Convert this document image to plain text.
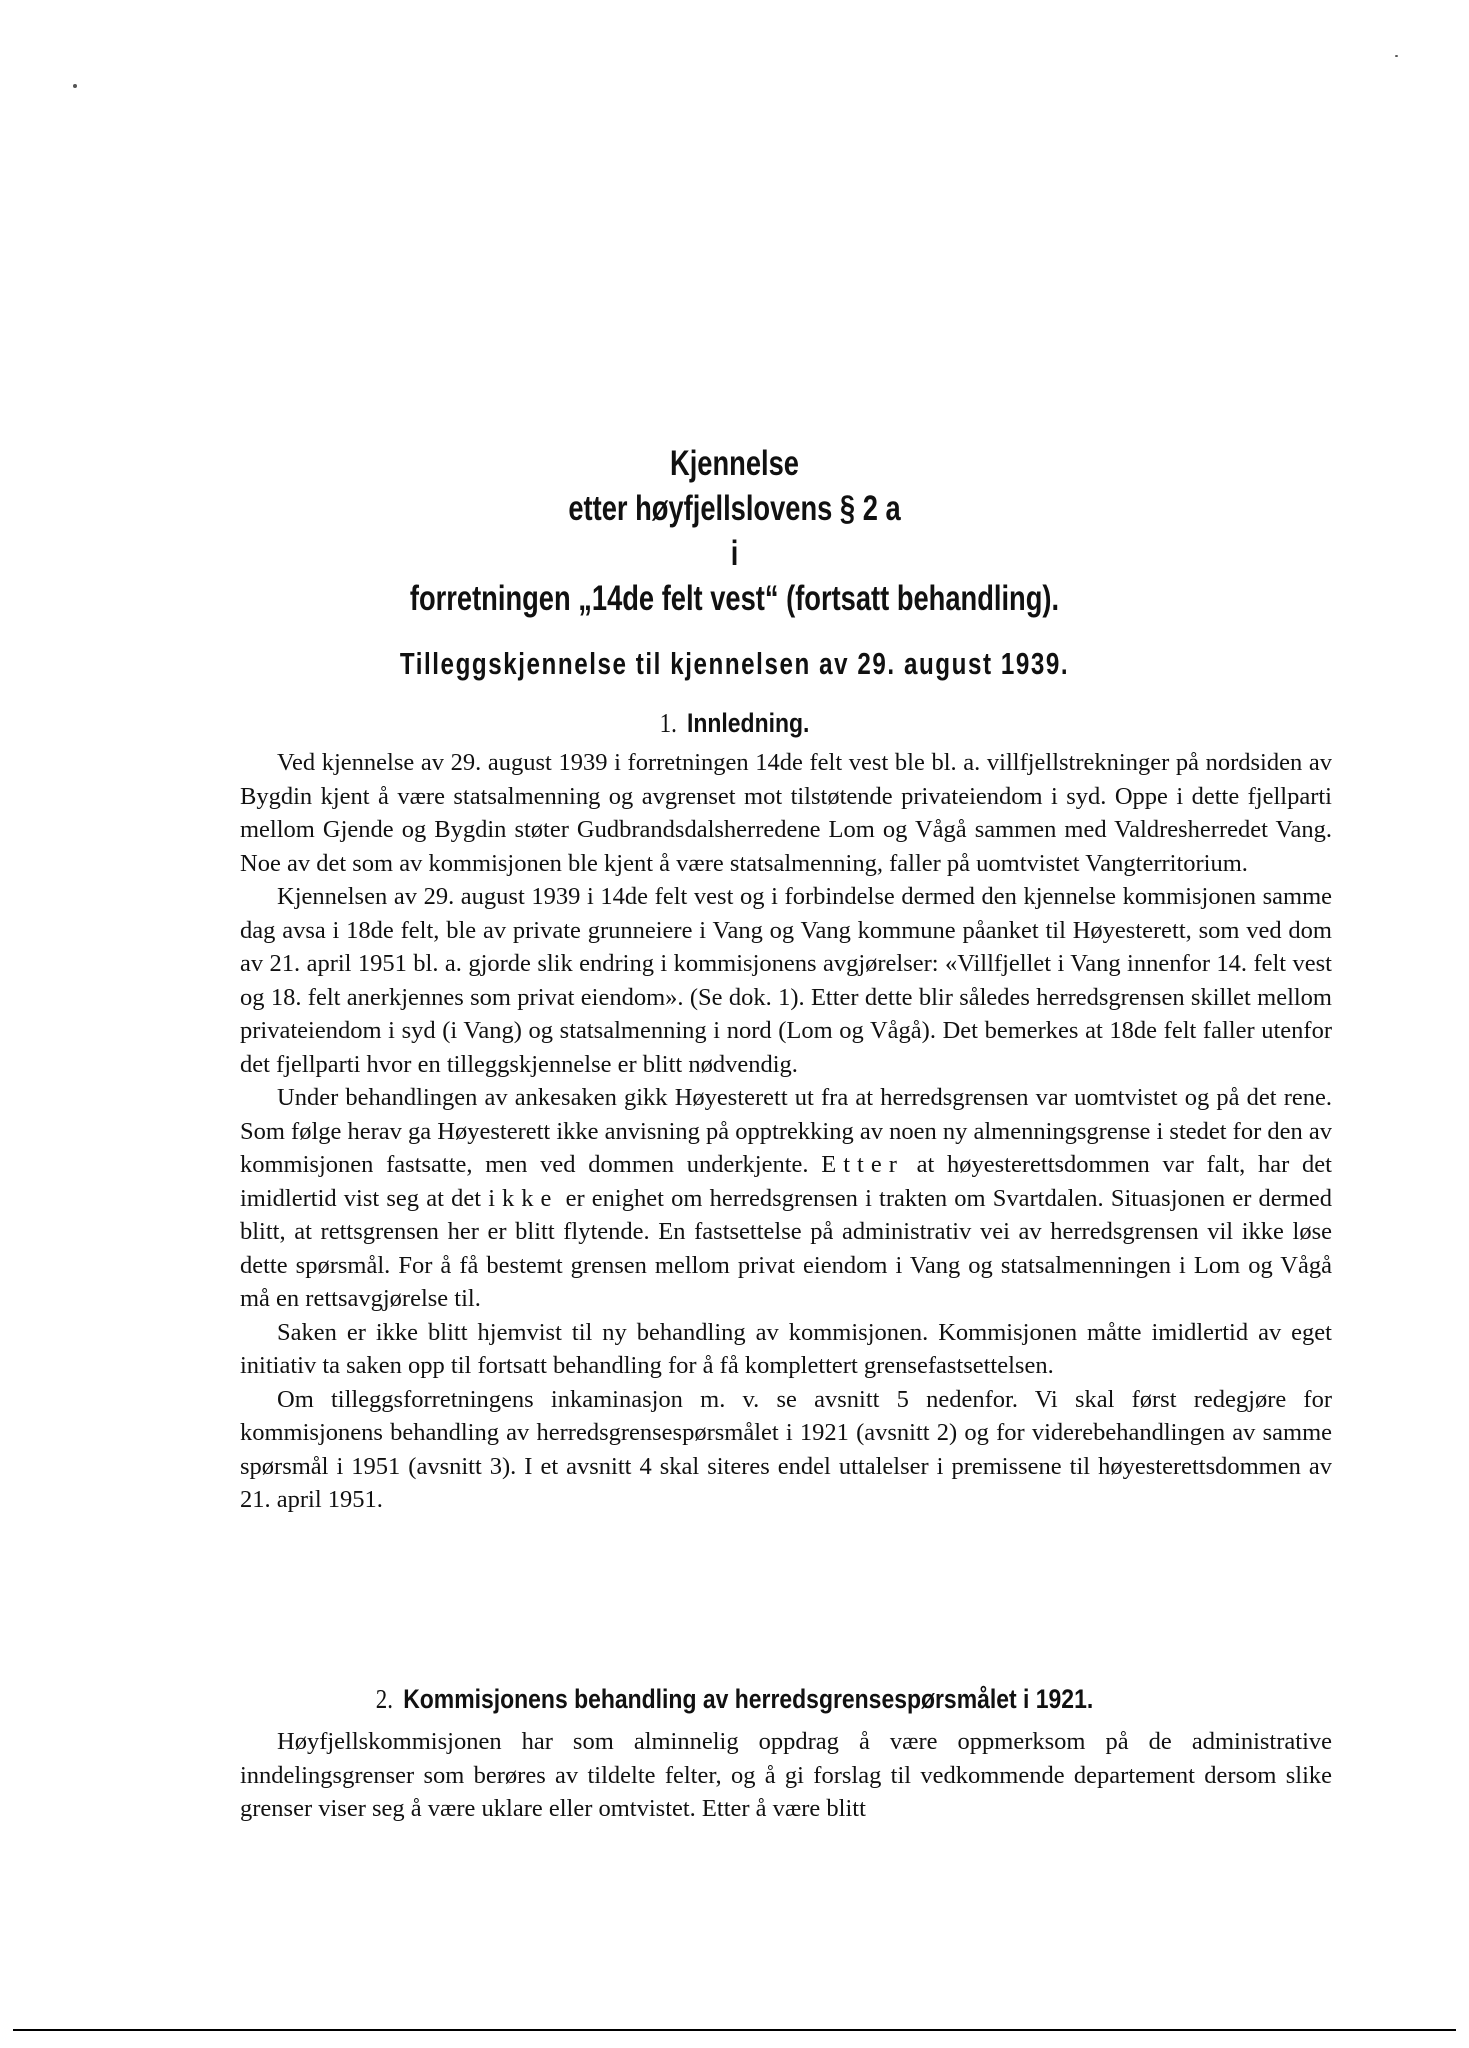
Kjennelse
etter høyfjellslovens § 2 a
i
forretningen „14de felt vest“ (fortsatt behandling).
Tilleggskjennelse til kjennelsen av 29. august 1939.
1. Innledning.

Ved kjennelse av 29. august 1939 i forretningen 14de felt vest ble bl. a. villfjellstrekninger på nordsiden av Bygdin kjent å være statsalmenning og avgrenset mot tilstøtende privateiendom i syd. Oppe i dette fjellparti mellom Gjende og Bygdin støter Gudbrandsdalsherredene Lom og Vågå sammen med Valdresherredet Vang. Noe av det som av kommisjonen ble kjent å være statsalmenning, faller på uomtvistet Vangterritorium.

Kjennelsen av 29. august 1939 i 14de felt vest og i forbindelse dermed den kjennelse kommisjonen samme dag avsa i 18de felt, ble av private grunneiere i Vang og Vang kommune påanket til Høyesterett, som ved dom av 21. april 1951 bl. a. gjorde slik endring i kommisjonens avgjørelser: «Villfjellet i Vang innenfor 14. felt vest og 18. felt anerkjennes som privat eiendom». (Se dok. 1). Etter dette blir således herredsgrensen skillet mellom privateiendom i syd (i Vang) og statsalmenning i nord (Lom og Vågå). Det bemerkes at 18de felt faller utenfor det fjellparti hvor en tilleggskjennelse er blitt nødvendig.

Under behandlingen av ankesaken gikk Høyesterett ut fra at herredsgrensen var uomtvistet og på det rene. Som følge herav ga Høyesterett ikke anvisning på opptrekking av noen ny almenningsgrense i stedet for den av kommisjonen fastsatte, men ved dommen underkjente. Etter at høyesterettsdommen var falt, har det imidlertid vist seg at det ikke er enighet om herredsgrensen i trakten om Svartdalen. Situasjonen er dermed blitt, at rettsgrensen her er blitt flytende. En fastsettelse på administrativ vei av herredsgrensen vil ikke løse dette spørsmål. For å få bestemt grensen mellom privat eiendom i Vang og statsalmenningen i Lom og Vågå må en rettsavgjørelse til.

Saken er ikke blitt hjemvist til ny behandling av kommisjonen. Kommisjonen måtte imidlertid av eget initiativ ta saken opp til fortsatt behandling for å få komplettert grensefastsettelsen.

Om tilleggsforretningens inkaminasjon m. v. se avsnitt 5 nedenfor. Vi skal først redegjøre for kommisjonens behandling av herredsgrensespørsmålet i 1921 (avsnitt 2) og for viderebehandlingen av samme spørsmål i 1951 (avsnitt 3). I et avsnitt 4 skal siteres endel uttalelser i premissene til høyesterettsdommen av 21. april 1951.

2. Kommisjonens behandling av herredsgrensespørsmålet i 1921.

Høyfjellskommisjonen har som alminnelig oppdrag å være oppmerksom på de administrative inndelingsgrenser som berøres av tildelte felter, og å gi forslag til vedkommende departement dersom slike grenser viser seg å være uklare eller omtvistet. Etter å være blitt
